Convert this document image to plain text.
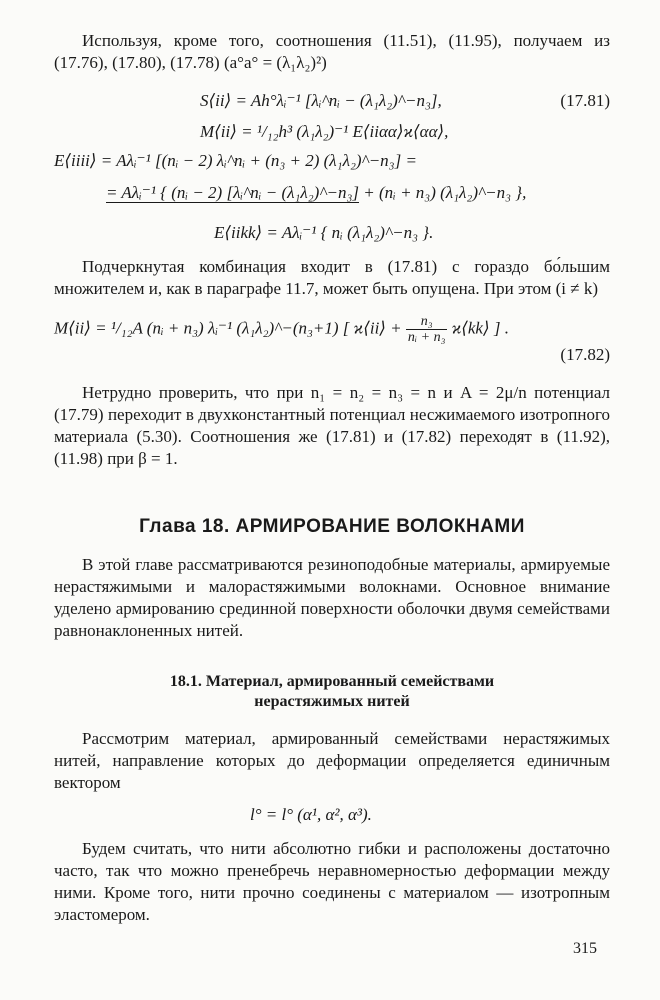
Используя, кроме того, соотношения (11.51), (11.95), получаем из (17.76), (17.80), (17.78) (a°a° = (λ₁λ₂)²)

S⟨ii⟩ = Ah°λᵢ⁻¹ [λᵢ^nᵢ − (λ₁λ₂)^−n₃],	(17.81)
M⟨ii⟩ = ¹/₁₂h³ (λ₁λ₂)⁻¹ E⟨iiαα⟩ϰ⟨αα⟩,
E⟨iiii⟩ = Aλᵢ⁻¹ [(nᵢ − 2) λᵢ^nᵢ + (n₃ + 2) (λ₁λ₂)^−n₃] =
= Aλᵢ⁻¹ { (nᵢ − 2) [λᵢ^nᵢ − (λ₁λ₂)^−n₃] + (nᵢ + n₃) (λ₁λ₂)^−n₃ },
E⟨iikk⟩ = Aλᵢ⁻¹ { nᵢ (λ₁λ₂)^−n₃ }.

Подчеркнутая комбинация входит в (17.81) с гораздо бо́льшим множителем и, как в параграфе 11.7, может быть опущена. При этом (i ≠ k)

M⟨ii⟩ = ¹/₁₂A (nᵢ + n₃) λᵢ⁻¹ (λ₁λ₂)^−(n₃+1) [ ϰ⟨ii⟩ + $\frac{\text{n₃}}{\text{nᵢ + n₃}}$ ϰ⟨kk⟩ ] .
(17.82)

Нетрудно проверить, что при n₁ = n₂ = n₃ = n и A = 2μ/n потенциал (17.79) переходит в двухконстантный потенциал несжимаемого изотропного материала (5.30). Соотношения же (17.81) и (17.82) переходят в (11.92), (11.98) при β = 1.

Глава 18. АРМИРОВАНИЕ ВОЛОКНАМИ

В этой главе рассматриваются резиноподобные материалы, армируемые нерастяжимыми и малорастяжимыми волокнами. Основное внимание уделено армированию срединной поверхности оболочки двумя семействами равнонаклоненных нитей.

18.1. Материал, армированный семействами

нерастяжимых нитей

Рассмотрим материал, армированный семействами нерастяжимых нитей, направление которых до деформации определяется единичным вектором

l° = l° (α¹, α², α³).

Будем считать, что нити абсолютно гибки и расположены достаточно часто, так что можно пренебречь неравномерностью деформации между ними. Кроме того, нити прочно соединены с материалом — изотропным эластомером.

315
